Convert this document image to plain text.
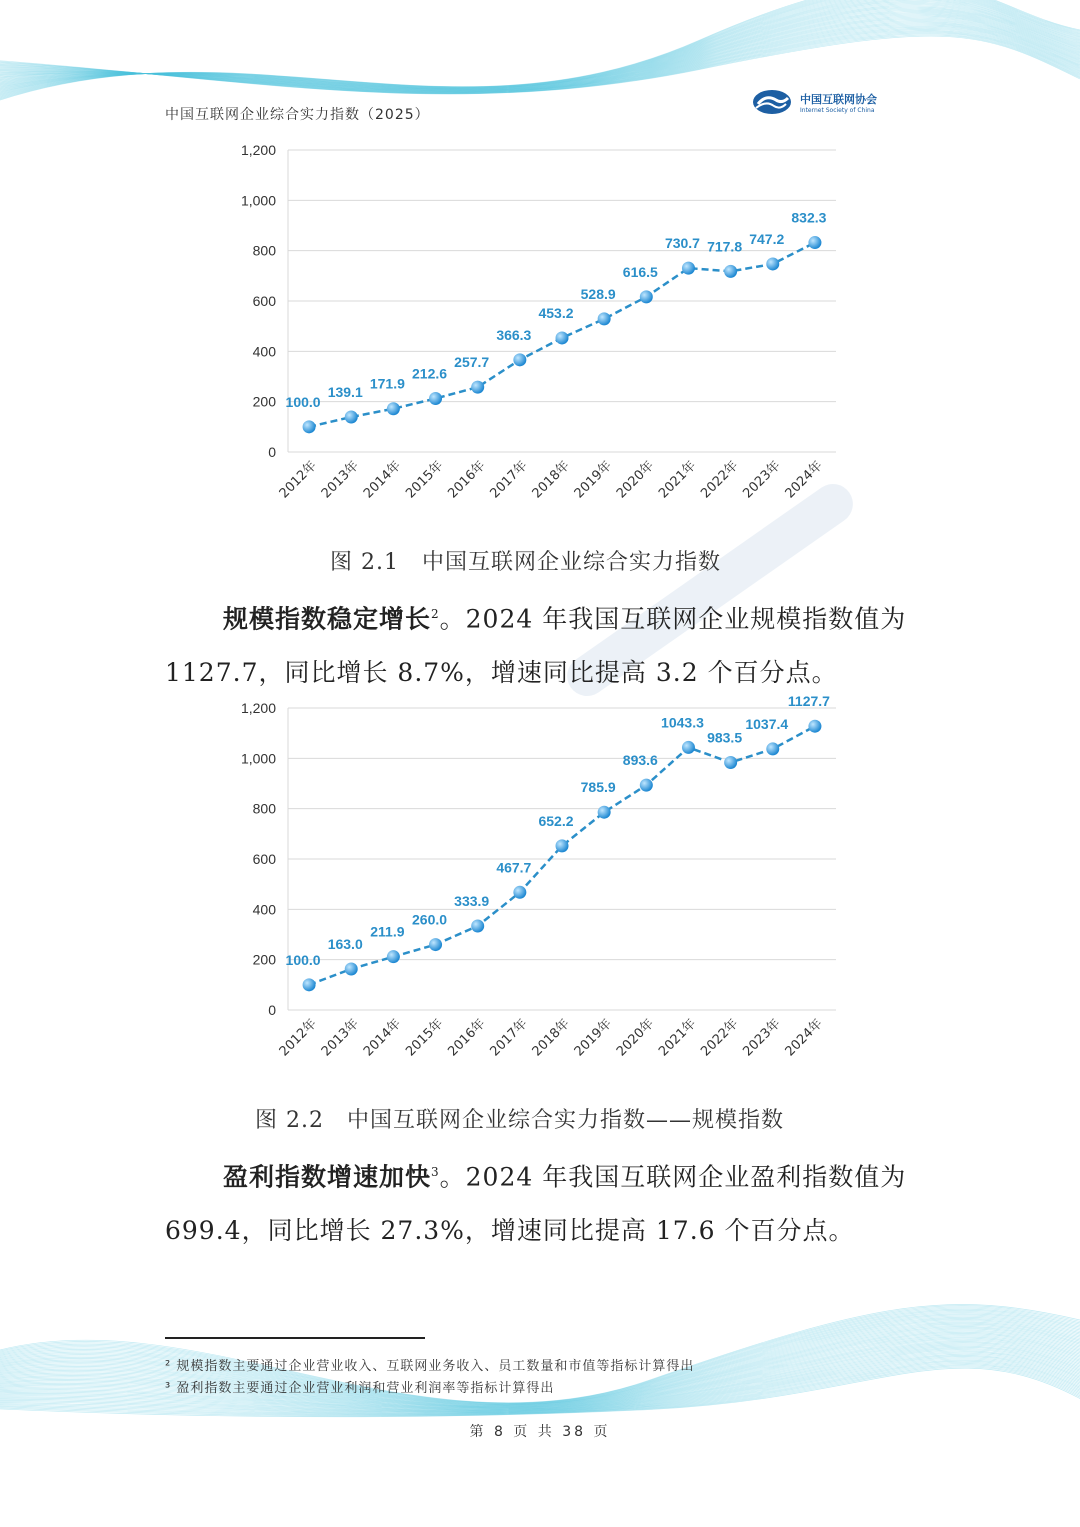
中国互联网企业综合实力指数（2025）
中国互联网协会
Internet Society of China
0
200
400
600
800
1,000
1,200
2012年
2013年
2014年
2015年
2016年
2017年
2018年
2019年
2020年
2021年
2022年
2023年
2024年
100.0
139.1
171.9
212.6
257.7
366.3
453.2
528.9
616.5
730.7 717.8 747.2
832.3
图 2.1　中国互联网企业综合实力指数
规模指数稳定增长$^2$。2024 年我国互联网企业规模指数值为 1127.7，同比增长 8.7%，增速同比提高 3.2 个百分点。
0
200
400
600
800
1,000
1,200
2012年
2013年
2014年
2015年
2016年
2017年
2018年
2019年
2020年
2021年
2022年
2023年
2024年
100.0
163.0
211.9
260.0
333.9
467.7
652.2
785.9
893.6
1043.3
983.5
1037.4
1127.7
图 2.2　中国互联网企业综合实力指数——规模指数
盈利指数增速加快$^3$。2024 年我国互联网企业盈利指数值为 699.4，同比增长 27.3%，增速同比提高 17.6 个百分点。
² 规模指数主要通过企业营业收入、互联网业务收入、员工数量和市值等指标计算得出
³ 盈利指数主要通过企业营业利润和营业利润率等指标计算得出
第 8 页 共 38 页
